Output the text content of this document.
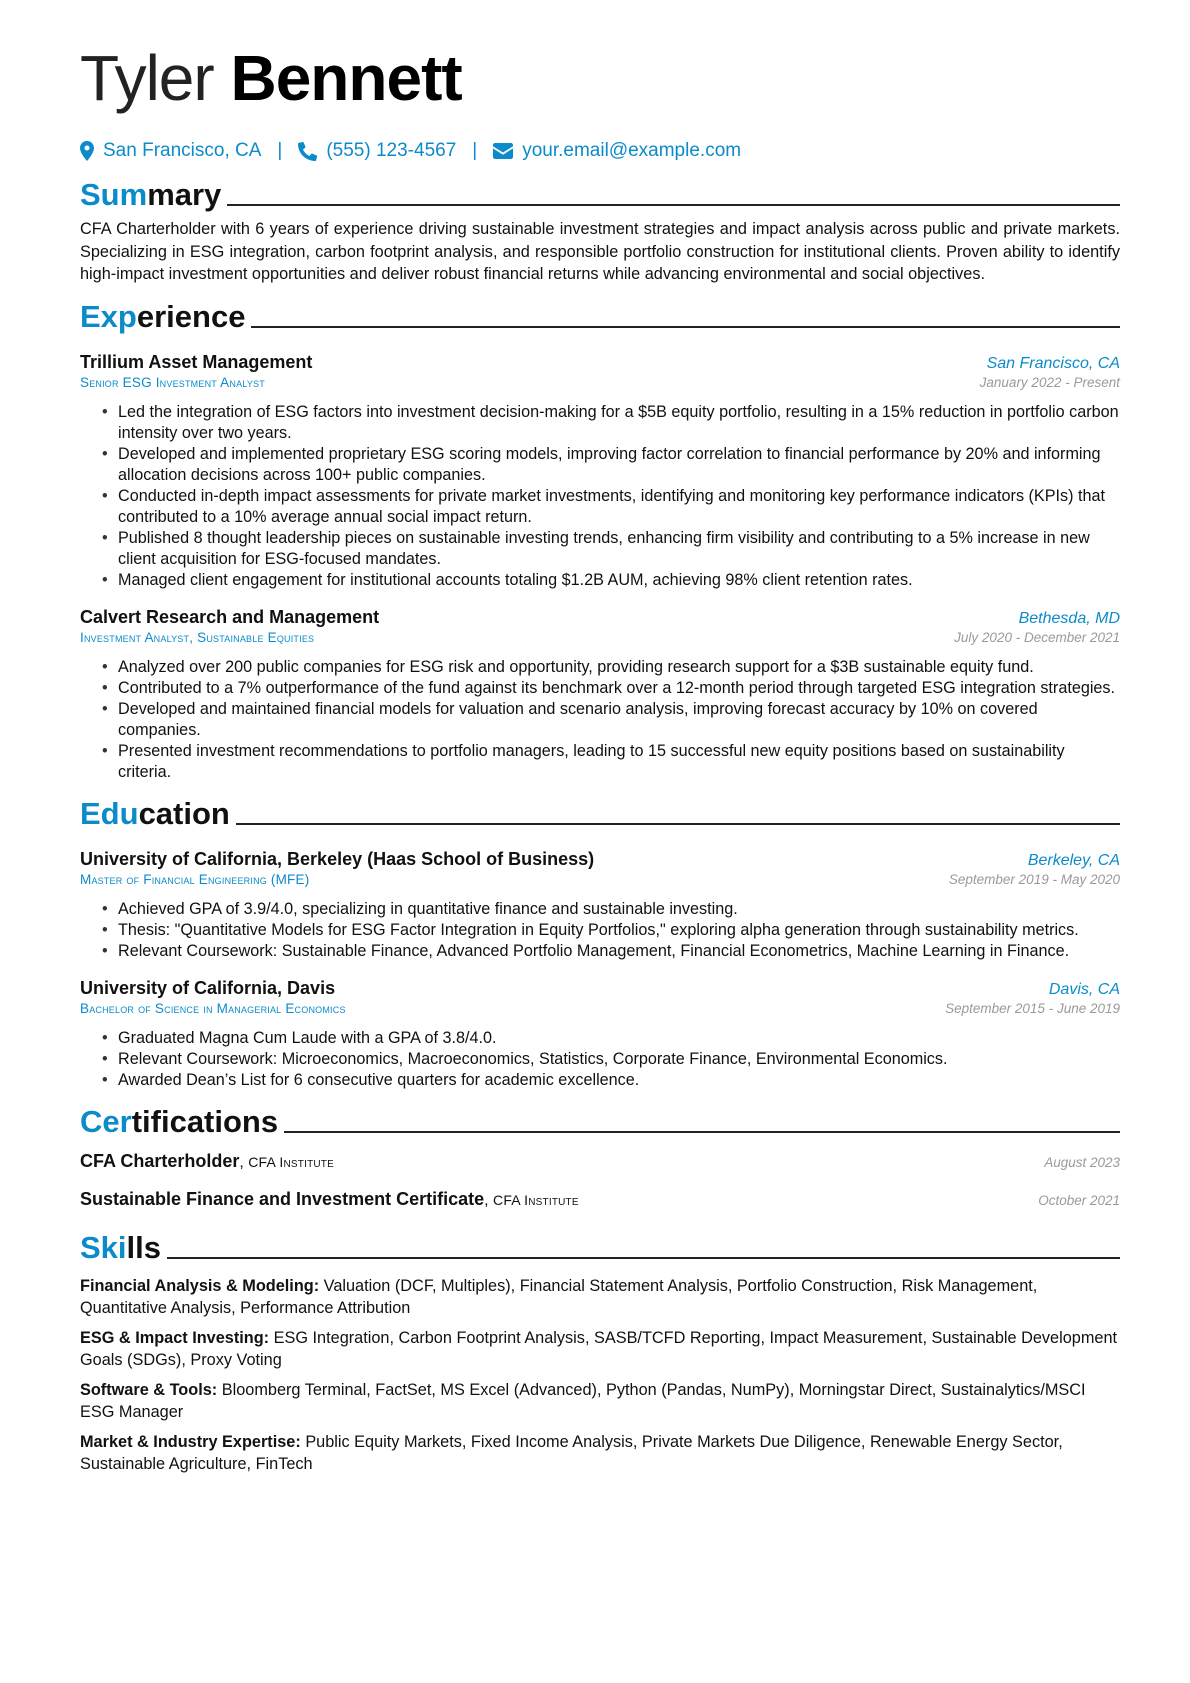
Tyler Bennett
San Francisco, CA | (555) 123-4567 | your.email@example.com
Summary
CFA Charterholder with 6 years of experience driving sustainable investment strategies and impact analysis across public and private markets. Specializing in ESG integration, carbon footprint analysis, and responsible portfolio construction for institutional clients. Proven ability to identify high-impact investment opportunities and deliver robust financial returns while advancing environmental and social objectives.
Experience
Trillium Asset Management	San Francisco, CA
Senior ESG Investment Analyst	January 2022 - Present
• Led the integration of ESG factors into investment decision-making for a $5B equity portfolio, resulting in a 15% reduction in portfolio carbon intensity over two years.
• Developed and implemented proprietary ESG scoring models, improving factor correlation to financial performance by 20% and informing allocation decisions across 100+ public companies.
• Conducted in-depth impact assessments for private market investments, identifying and monitoring key performance indicators (KPIs) that contributed to a 10% average annual social impact return.
• Published 8 thought leadership pieces on sustainable investing trends, enhancing firm visibility and contributing to a 5% increase in new client acquisition for ESG-focused mandates.
• Managed client engagement for institutional accounts totaling $1.2B AUM, achieving 98% client retention rates.
Calvert Research and Management	Bethesda, MD
Investment Analyst, Sustainable Equities	July 2020 - December 2021
• Analyzed over 200 public companies for ESG risk and opportunity, providing research support for a $3B sustainable equity fund.
• Contributed to a 7% outperformance of the fund against its benchmark over a 12-month period through targeted ESG integration strategies.
• Developed and maintained financial models for valuation and scenario analysis, improving forecast accuracy by 10% on covered companies.
• Presented investment recommendations to portfolio managers, leading to 15 successful new equity positions based on sustainability criteria.
Education
University of California, Berkeley (Haas School of Business)	Berkeley, CA
Master of Financial Engineering (MFE)	September 2019 - May 2020
• Achieved GPA of 3.9/4.0, specializing in quantitative finance and sustainable investing.
• Thesis: "Quantitative Models for ESG Factor Integration in Equity Portfolios," exploring alpha generation through sustainability metrics.
• Relevant Coursework: Sustainable Finance, Advanced Portfolio Management, Financial Econometrics, Machine Learning in Finance.
University of California, Davis	Davis, CA
Bachelor of Science in Managerial Economics	September 2015 - June 2019
• Graduated Magna Cum Laude with a GPA of 3.8/4.0.
• Relevant Coursework: Microeconomics, Macroeconomics, Statistics, Corporate Finance, Environmental Economics.
• Awarded Dean’s List for 6 consecutive quarters for academic excellence.
Certifications
CFA Charterholder, CFA Institute	August 2023
Sustainable Finance and Investment Certificate, CFA Institute	October 2021
Skills
Financial Analysis & Modeling: Valuation (DCF, Multiples), Financial Statement Analysis, Portfolio Construction, Risk Management, Quantitative Analysis, Performance Attribution
ESG & Impact Investing: ESG Integration, Carbon Footprint Analysis, SASB/TCFD Reporting, Impact Measurement, Sustainable Development Goals (SDGs), Proxy Voting
Software & Tools: Bloomberg Terminal, FactSet, MS Excel (Advanced), Python (Pandas, NumPy), Morningstar Direct, Sustainalytics/MSCI ESG Manager
Market & Industry Expertise: Public Equity Markets, Fixed Income Analysis, Private Markets Due Diligence, Renewable Energy Sector, Sustainable Agriculture, FinTech
